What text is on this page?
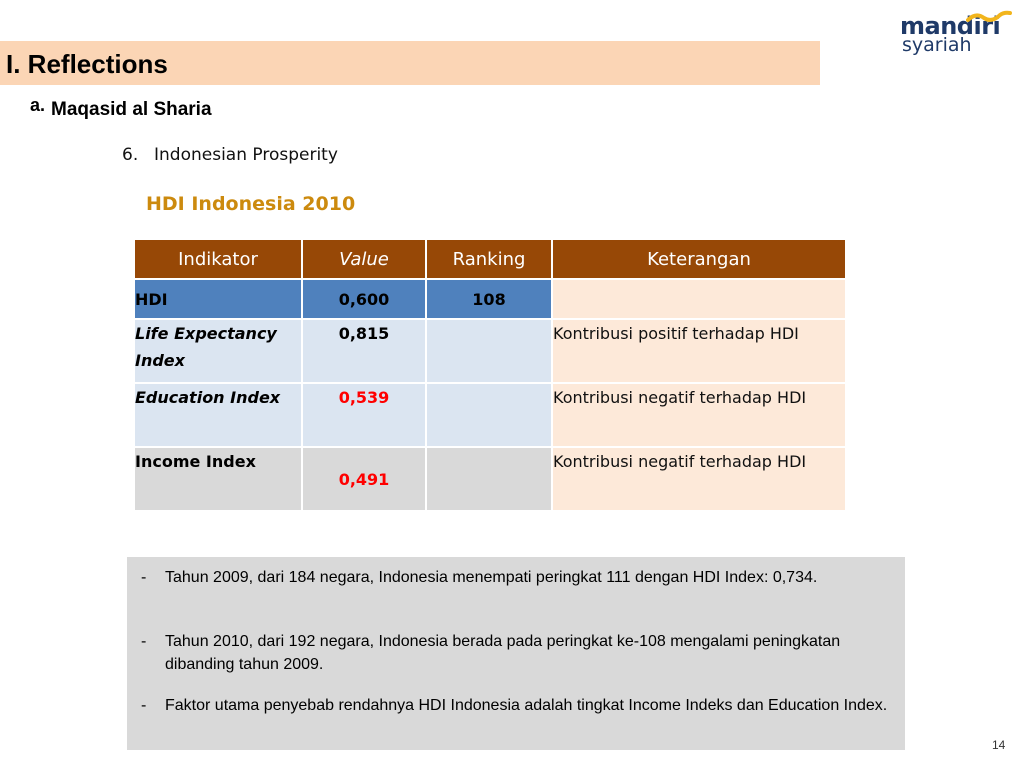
I. Reflections
mandiri
syariah
a. Maqasid al Sharia
6. Indonesian Prosperity
HDI Indonesia 2010
Indikator	Value	Ranking	Keterangan
HDI	0,600	108	
Life Expectancy Index	0,815		Kontribusi positif terhadap HDI
Education Index	0,539		Kontribusi negatif terhadap HDI
Income Index	0,491		Kontribusi negatif terhadap HDI
- Tahun 2009, dari 184 negara, Indonesia menempati peringkat 111 dengan HDI Index: 0,734.
- Tahun 2010, dari 192 negara, Indonesia berada pada peringkat ke-108 mengalami peningkatan dibanding tahun 2009.
- Faktor utama penyebab rendahnya HDI Indonesia adalah tingkat Income Indeks dan Education Index.
14
